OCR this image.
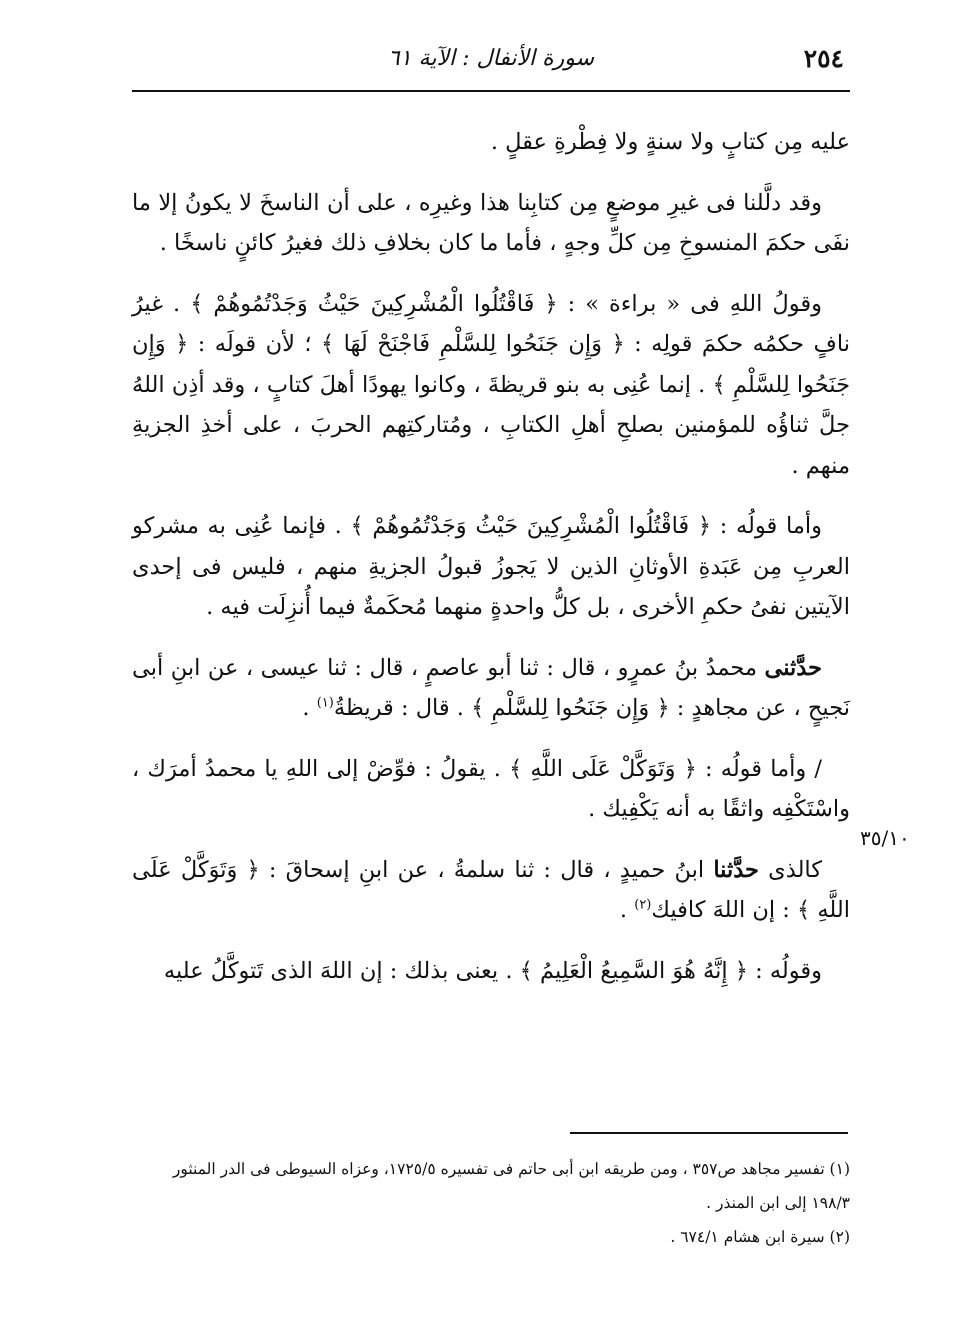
٢٥٤
سورة الأنفال : الآية ٦١
٣٥/١٠

عليه مِن كتابٍ ولا سنةٍ ولا فِطْرةِ عقلٍ .

وقد دلَّلنا فى غيرِ موضعٍ مِن كتابِنا هذا وغيرِه ، على أن الناسخَ لا يكونُ إلا ما نفَى حكمَ المنسوخِ مِن كلِّ وجهٍ ، فأما ما كان بخلافِ ذلك فغيرُ كائنٍ ناسخًا .

وقولُ اللهِ فى « براءة » : ﴿ فَاقْتُلُوا الْمُشْرِكِينَ حَيْثُ وَجَدْتُمُوهُمْ ﴾ . غيرُ نافٍ حكمُه حكمَ قولِه : ﴿ وَإِن جَنَحُوا لِلسَّلْمِ فَاجْنَحْ لَهَا ﴾ ؛ لأن قولَه : ﴿ وَإِن جَنَحُوا لِلسَّلْمِ ﴾ . إنما عُنِى به بنو قريظةَ ، وكانوا يهودًا أهلَ كتابٍ ، وقد أذِن اللهُ جلَّ ثناؤُه للمؤمنين بصلحِ أهلِ الكتابِ ، ومُتاركتِهم الحربَ ، على أخذِ الجزيةِ منهم .

وأما قولُه : ﴿ فَاقْتُلُوا الْمُشْرِكِينَ حَيْثُ وَجَدْتُمُوهُمْ ﴾ . فإنما عُنِى به مشركو العربِ مِن عَبَدةِ الأوثانِ الذين لا يَجوزُ قبولُ الجزيةِ منهم ، فليس فى إحدى الآيتين نفىُ حكمِ الأخرى ، بل كلُّ واحدةٍ منهما مُحكَمةٌ فيما أُنزِلَت فيه .

حدَّثنى محمدُ بنُ عمرٍو ، قال : ثنا أبو عاصمٍ ، قال : ثنا عيسى ، عن ابنِ أبى نَجيحٍ ، عن مجاهدٍ : ﴿ وَإِن جَنَحُوا لِلسَّلْمِ ﴾ . قال : قريظةُ$^{(١)}$ .

/ وأما قولُه : ﴿ وَتَوَكَّلْ عَلَى اللَّهِ ﴾ . يقولُ : فوِّضْ إلى اللهِ يا محمدُ أمرَك ، واسْتَكْفِه واثقًا به أنه يَكْفِيك .

كالذى حدَّثنا ابنُ حميدٍ ، قال : ثنا سلمةُ ، عن ابنِ إسحاقَ : ﴿ وَتَوَكَّلْ عَلَى اللَّهِ ﴾ : إن اللهَ كافيك$^{(٢)}$ .

وقولُه : ﴿ إِنَّهُ هُوَ السَّمِيعُ الْعَلِيمُ ﴾ . يعنى بذلك : إن اللهَ الذى تَتوكَّلُ عليه

(١) تفسير مجاهد ص٣٥٧ ، ومن طريقه ابن أبى حاتم فى تفسيره ١٧٢٥/٥، وعزاه السيوطى فى الدر المنثور ١٩٨/٣ إلى ابن المنذر .

(٢) سيرة ابن هشام ٦٧٤/١ .
